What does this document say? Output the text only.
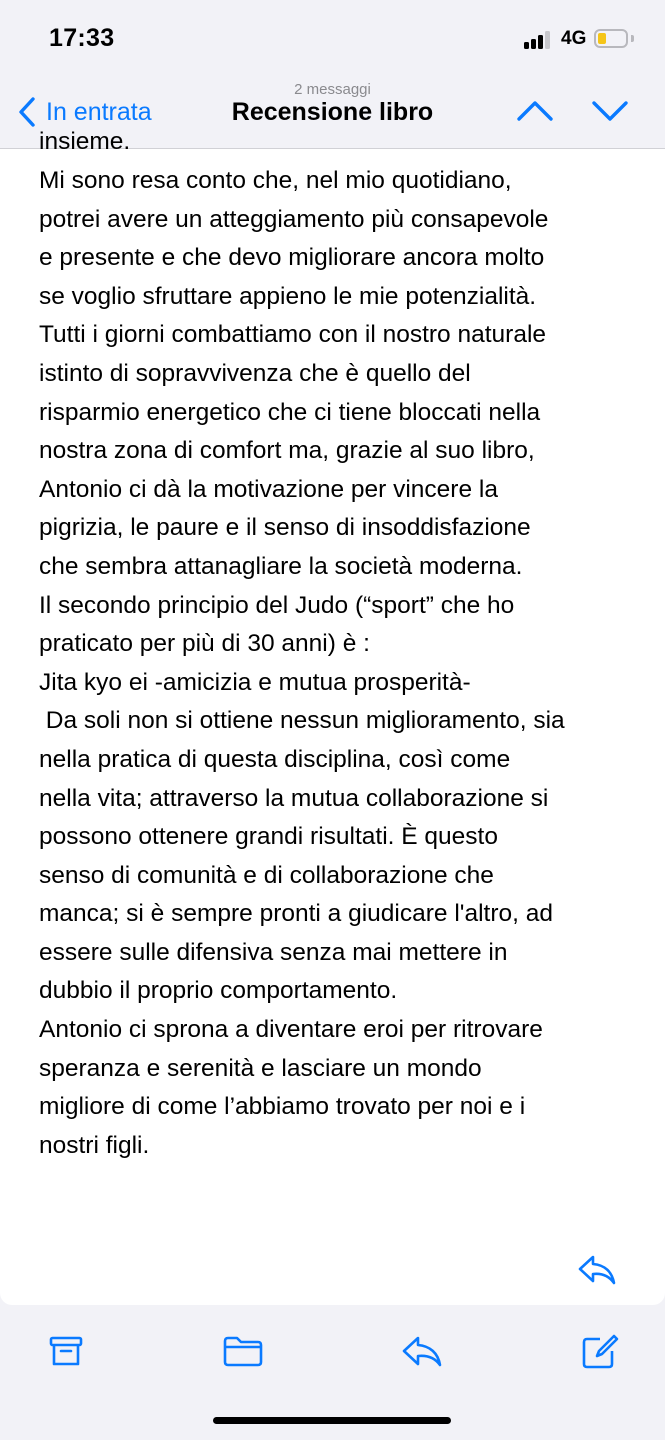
17:33	4G
In entrata
2 messaggi
Recensione libro
insieme.
Mi sono resa conto che, nel mio quotidiano,
potrei avere un atteggiamento più consapevole
e presente e che devo migliorare ancora molto
se voglio sfruttare appieno le mie potenzialità.
Tutti i giorni combattiamo con il nostro naturale
istinto di sopravvivenza che è quello del
risparmio energetico che ci tiene bloccati nella
nostra zona di comfort ma, grazie al suo libro,
Antonio ci dà la motivazione per vincere la
pigrizia, le paure e il senso di insoddisfazione
che sembra attanagliare la società moderna.
Il secondo principio del Judo (“sport” che ho
praticato per più di 30 anni) è :
Jita kyo ei -amicizia e mutua prosperità-
Da soli non si ottiene nessun miglioramento, sia
nella pratica di questa disciplina, così come
nella vita; attraverso la mutua collaborazione si
possono ottenere grandi risultati. È questo
senso di comunità e di collaborazione che
manca; si è sempre pronti a giudicare l'altro, ad
essere sulle difensiva senza mai mettere in
dubbio il proprio comportamento.
Antonio ci sprona a diventare eroi per ritrovare
speranza e serenità e lasciare un mondo
migliore di come l’abbiamo trovato per noi e i
nostri figli.
